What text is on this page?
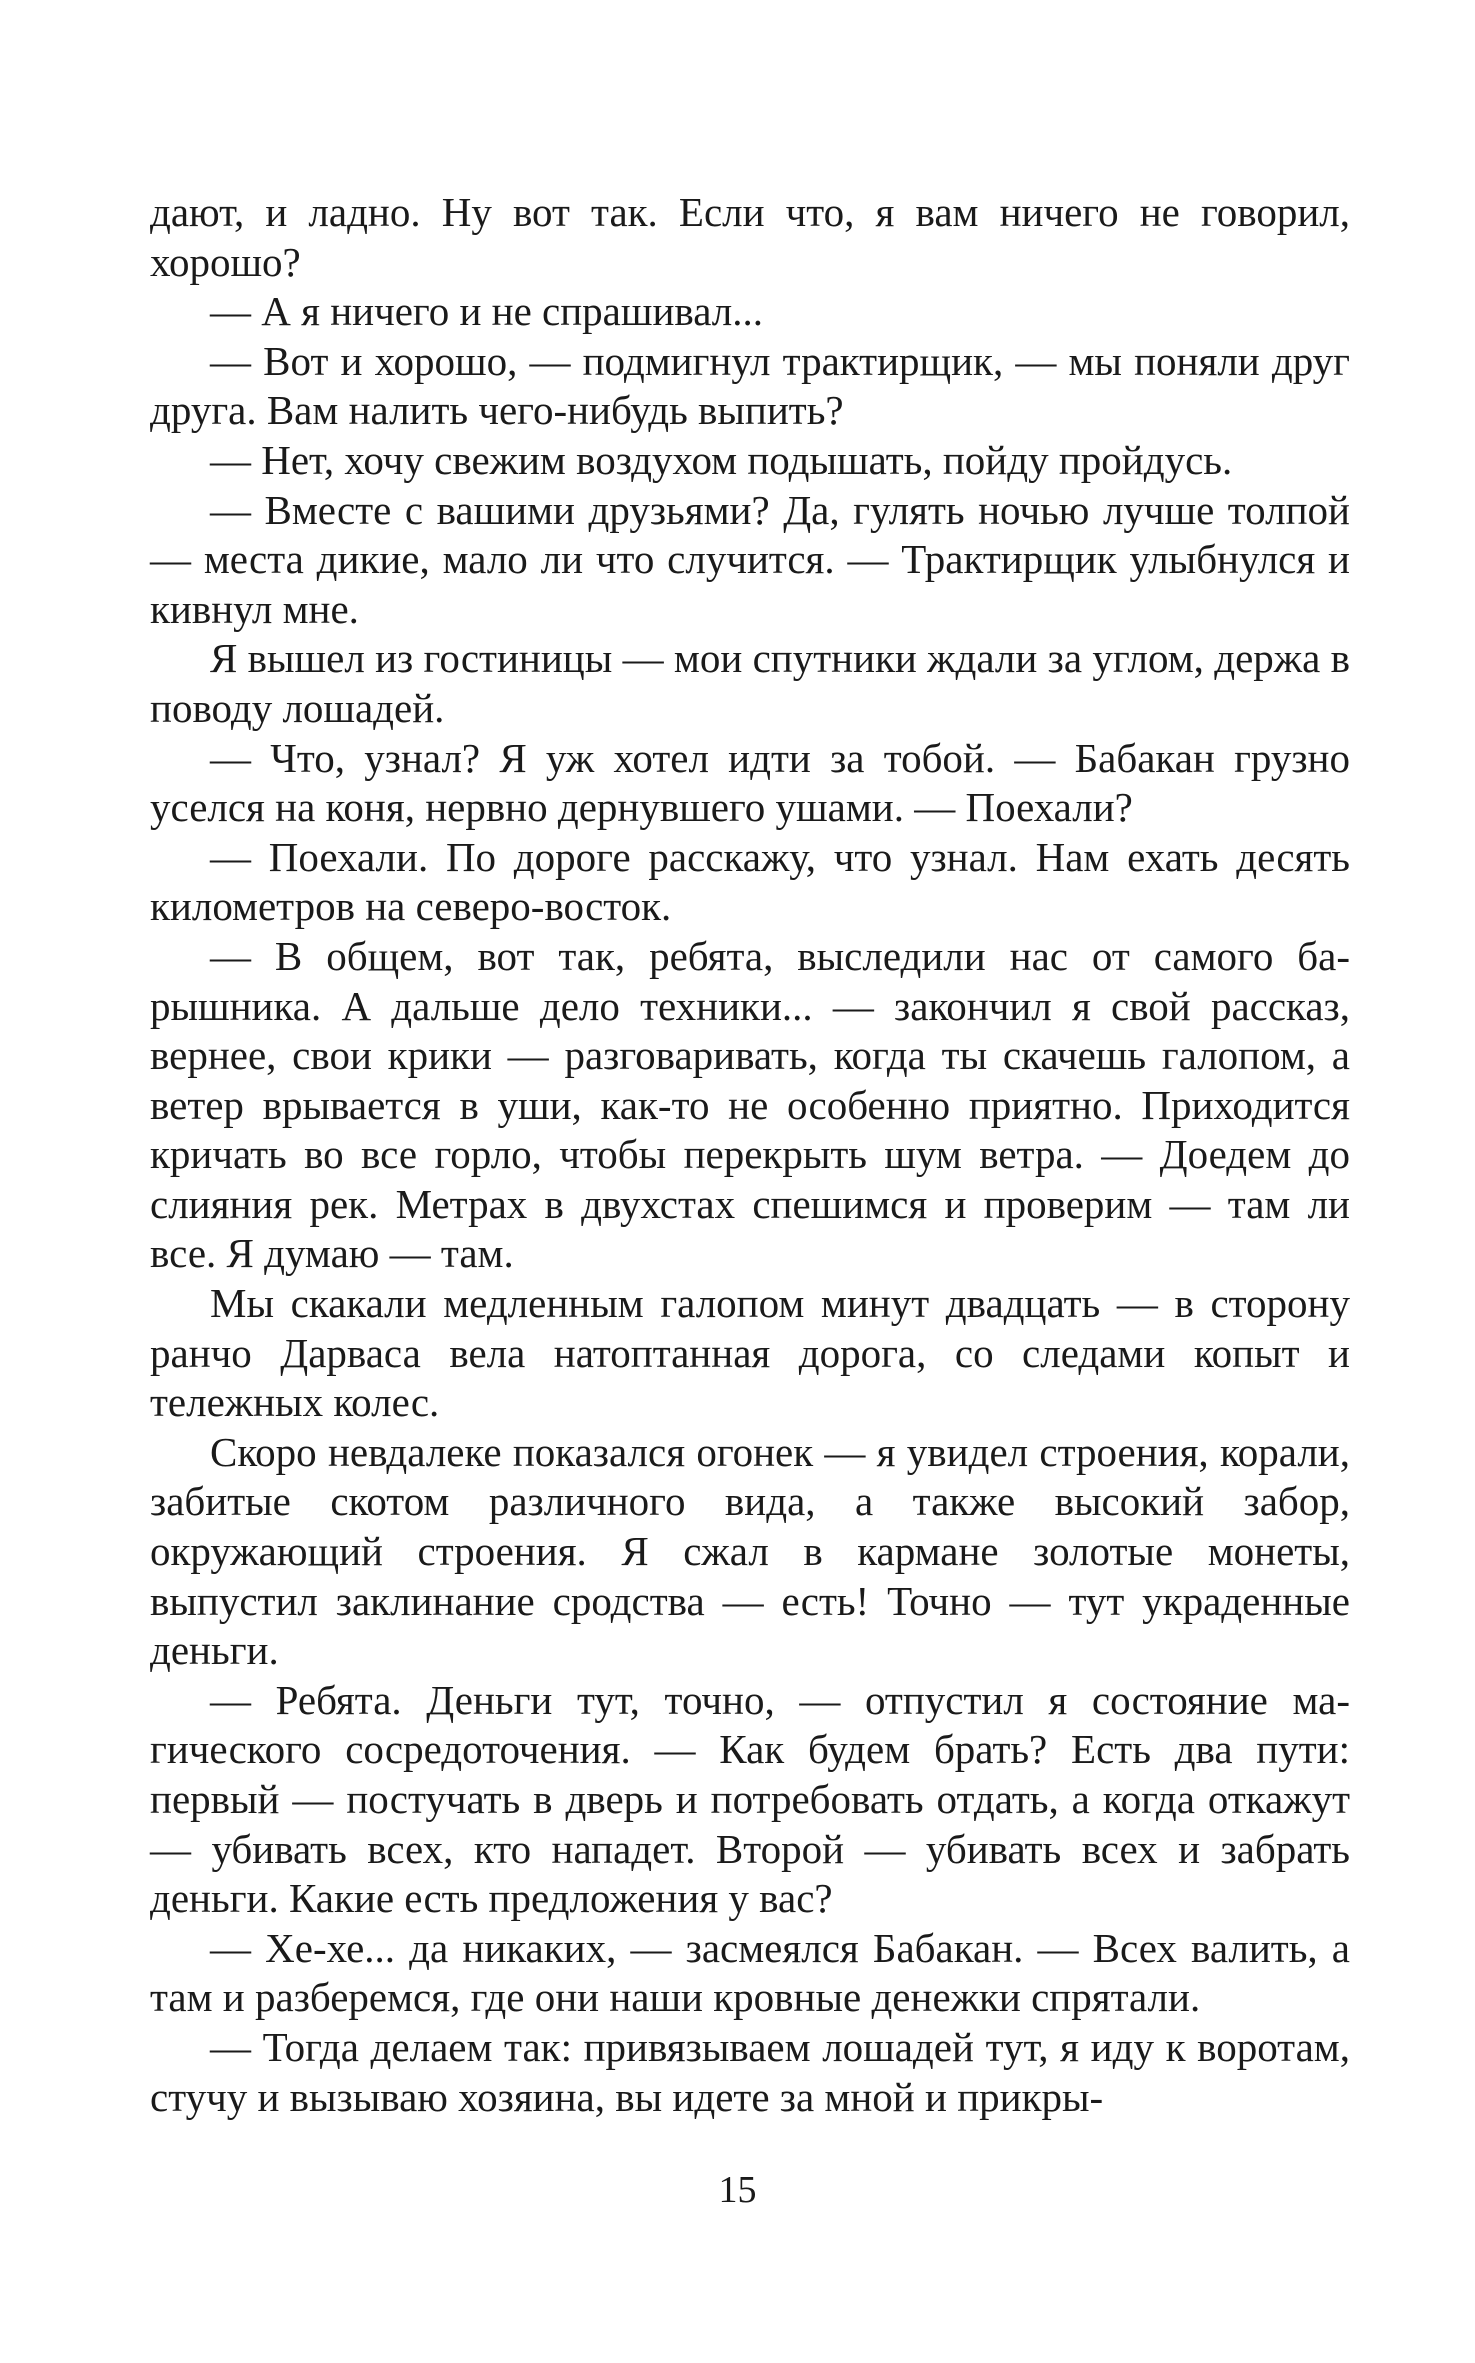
дают, и ладно. Ну вот так. Если что, я вам ничего не говорил, хорошо?

— А я ничего и не спрашивал...

— Вот и хорошо, — подмигнул трактирщик, — мы поняли друг друга. Вам налить чего-нибудь выпить?

— Нет, хочу свежим воздухом подышать, пойду пройдусь.

— Вместе с вашими друзьями? Да, гулять ночью лучше толпой — места дикие, мало ли что случится. — Трактирщик улыбнулся и кивнул мне.

Я вышел из гостиницы — мои спутники ждали за углом, держа в поводу лошадей.

— Что, узнал? Я уж хотел идти за тобой. — Бабакан грузно уселся на коня, нервно дернувшего ушами. — Поехали?

— Поехали. По дороге расскажу, что узнал. Нам ехать десять километров на северо-восток.

— В общем, вот так, ребята, выследили нас от самого барышника. А дальше дело техники... — закончил я свой рассказ, вернее, свои крики — разговаривать, когда ты скачешь галопом, а ветер врывается в уши, как-то не особенно приятно. Приходится кричать во все горло, чтобы перекрыть шум ветра. — Доедем до слияния рек. Метрах в двухстах спешимся и проверим — там ли все. Я думаю — там.

Мы скакали медленным галопом минут двадцать — в сторону ранчо Дарваса вела натоптанная дорога, со следами копыт и тележных колес.

Скоро невдалеке показался огонек — я увидел строения, корали, забитые скотом различного вида, а также высокий забор, окружающий строения. Я сжал в кармане золотые монеты, выпустил заклинание сродства — есть! Точно — тут украденные деньги.

— Ребята. Деньги тут, точно, — отпустил я состояние магического сосредоточения. — Как будем брать? Есть два пути: первый — постучать в дверь и потребовать отдать, а когда откажут — убивать всех, кто нападет. Второй — убивать всех и забрать деньги. Какие есть предложения у вас?

— Хе-хе... да никаких, — засмеялся Бабакан. — Всех валить, а там и разберемся, где они наши кровные денежки спрятали.

— Тогда делаем так: привязываем лошадей тут, я иду к воротам, стучу и вызываю хозяина, вы идете за мной и прикры-

15
